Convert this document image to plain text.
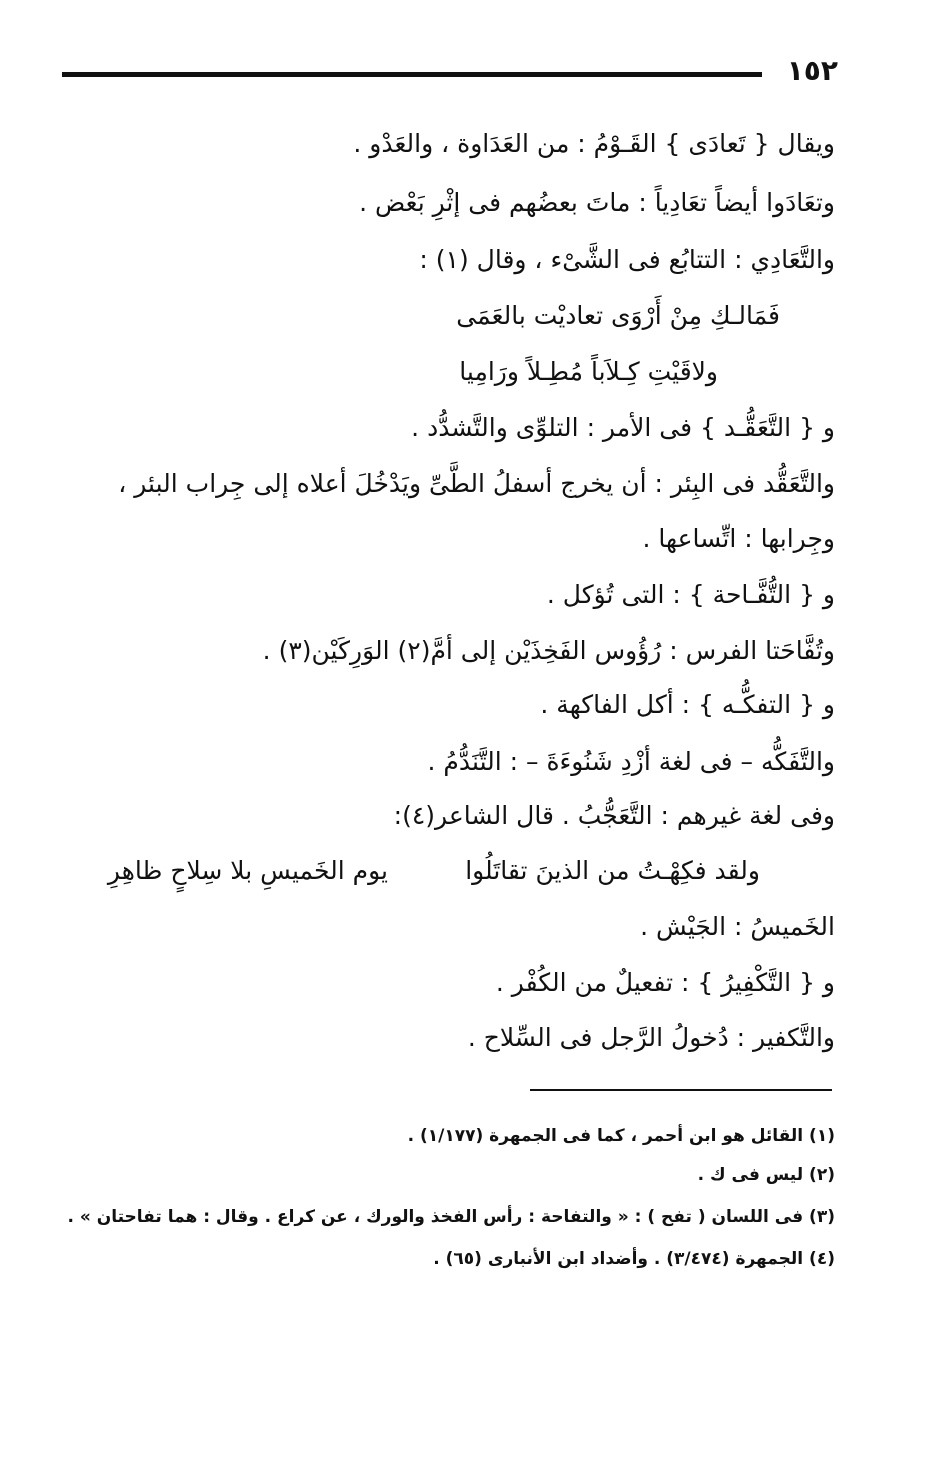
١٥٢
ويقال { تَعادَى } القَـوْمُ : من العَدَاوة ، والعَدْو .
وتعَادَوا أيضاً تعَادِياً : ماتَ بعضُهم فى إثْرِ بَعْض .
والتَّعَادِي : التتابُع فى الشَّىْء ، وقال (١) :
فَمَالـكِ مِنْ أَرْوَى تعاديْت بالعَمَى
ولاقَيْتِ كِـلاَباً مُطِـلاً ورَامِيا
و { التَّعَقُّـد } فى الأمر : التلوِّى والتَّشدُّد .
والتَّعَقُّد فى البِئر : أن يخرج أسفلُ الطَّىِّ ويَدْخُلَ أعلاه إلى جِراب البئر ،
وجِرابها : اتِّساعها .
و { التُّفَّـاحة } : التى تُؤكل .
وتُفَّاحَتا الفرس : رُؤُوس الفَخِذَيْن إلى أمَّ(٢) الوَرِكَيْن(٣) .
و { التفكُّـه } : أكل الفاكهة .
والتَّفَكُّه – فى لغة أزْدِ شَنُوءَةَ – : التَّنَدُّمُ .
وفى لغة غيرهم : التَّعَجُّبُ . قال الشاعر(٤):
ولقد فكِهْـتُ من الذينَ تقاتَلُوا
يوم الخَميسِ بلا سِلاحٍ ظاهِرِ
الخَميسُ : الجَيْش .
و { التَّكْفِيرُ } : تفعيلٌ من الكُفْر .
والتَّكفير : دُخولُ الرَّجل فى السِّلاح .
(١) القائل هو ابن أحمر ، كما فى الجمهرة (١/١٧٧) .
(٢) ليس فى ك .
(٣) فى اللسان ( تفح ) : « والتفاحة : رأس الفخذ والورك ، عن كراع . وقال : هما تفاحتان » .
(٤) الجمهرة (٣/٤٧٤) . وأضداد ابن الأنبارى (٦٥) .
